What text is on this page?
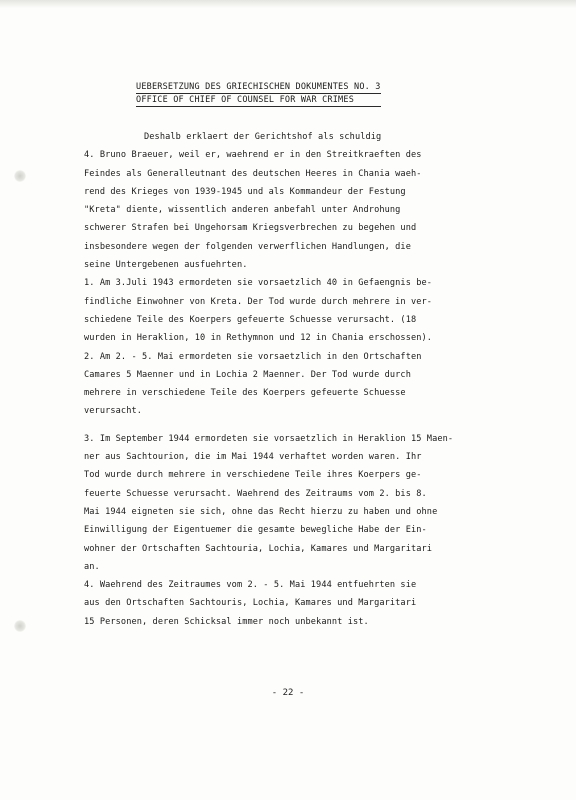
UEBERSETZUNG DES GRIECHISCHEN DOKUMENTES NO. 3
OFFICE OF CHIEF OF COUNSEL FOR WAR CRIMES

Deshalb erklaert der Gerichtshof als schuldig

4. Bruno Braeuer, weil er, waehrend er in den Streitkraeften des

Feindes als Generalleutnant des deutschen Heeres in Chania waeh-

rend des Krieges von 1939-1945 und als Kommandeur der Festung

"Kreta" diente, wissentlich anderen anbefahl unter Androhung

schwerer Strafen bei Ungehorsam Kriegsverbrechen zu begehen und

insbesondere wegen der folgenden verwerflichen Handlungen, die

seine Untergebenen ausfuehrten.

1. Am 3.Juli 1943 ermordeten sie vorsaetzlich 40 in Gefaengnis be-

findliche Einwohner von Kreta. Der Tod wurde durch mehrere in ver-

schiedene Teile des Koerpers gefeuerte Schuesse verursacht. (18

wurden in Heraklion, 10 in Rethymnon und 12 in Chania erschossen).

2. Am 2. - 5. Mai ermordeten sie vorsaetzlich in den Ortschaften

Camares 5 Maenner und in Lochia 2 Maenner. Der Tod wurde durch

mehrere in verschiedene Teile des Koerpers gefeuerte Schuesse

verursacht.

3. Im September 1944 ermordeten sie vorsaetzlich in Heraklion 15 Maen-

ner aus Sachtourion, die im Mai 1944 verhaftet worden waren. Ihr

Tod wurde durch mehrere in verschiedene Teile ihres Koerpers ge-

feuerte Schuesse verursacht. Waehrend des Zeitraums vom 2. bis 8.

Mai 1944 eigneten sie sich, ohne das Recht hierzu zu haben und ohne

Einwilligung der Eigentuemer die gesamte bewegliche Habe der Ein-

wohner der Ortschaften Sachtouria, Lochia, Kamares und Margaritari

an.

4. Waehrend des Zeitraumes vom 2. - 5. Mai 1944 entfuehrten sie

aus den Ortschaften Sachtouris, Lochia, Kamares und Margaritari

15 Personen, deren Schicksal immer noch unbekannt ist.

- 22 -
